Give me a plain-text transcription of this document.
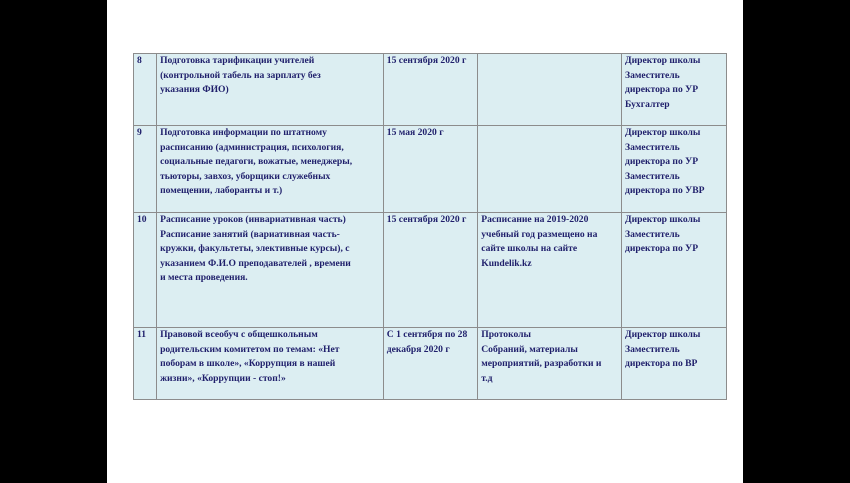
8	Подготовка тарификации учителей
(контрольной табель на зарплату без
указания ФИО)	15 сентября 2020 г		Директор школы
Заместитель
директора по УР
Бухгалтер

9	Подготовка информации по штатному
расписанию (администрация, психология,
социальные педагоги, вожатые, менеджеры,
тьюторы, завхоз, уборщики служебных
помещении, лаборанты и т.)	15 мая 2020 г		Директор школы
Заместитель
директора по УР
Заместитель
директора по УВР

10	Расписание уроков (инвариативная часть)
Расписание занятий (вариативная часть-
кружки, факультеты, элективные курсы), с
указанием Ф.И.О преподавателей , времени
и места проведения.	15 сентября 2020 г	Расписание на 2019-2020
учебный год размещено на
сайте школы на сайте
Kundelik.kz	Директор школы
Заместитель
директора по УР

11	Правовой всеобуч с общешкольным
родительским комитетом по темам: «Нет
поборам в школе», «Коррупция в нашей
жизни», «Коррупции - стоп!»	С 1 сентября по 28
декабря 2020 г	Протоколы
Собраний, материалы
мероприятий, разработки и
т.д	Директор школы
Заместитель
директора по ВР
